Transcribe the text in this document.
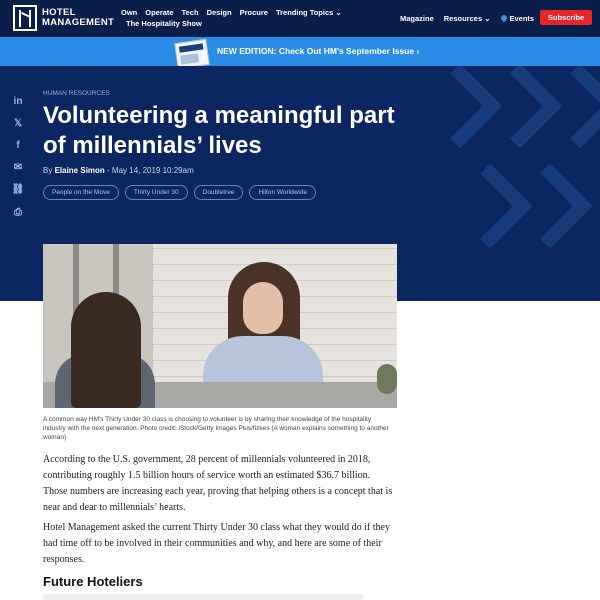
HOTEL
MANAGEMENT
Own Operate Tech Design Procure Trending Topics ⌄
The Hospitality Show
Magazine Resources ⌄	Events	Subscribe
NEW EDITION: Check Out HM's September Issue ›
in
𝕏
f
✉
⛓
⎙
HUMAN RESOURCES
Volunteering a meaningful part of millennials’ lives
By Elaine Simon - May 14, 2019 10:29am
People on the Move	Thirty Under 30	Doubletree	Hilton Worldwide
A common way HM's Thirty Under 30 class is choosing to volunteer is by sharing their knowledge of the hospitality industry with the next generation. Photo credit: iStock/Getty Images Plus/fizkes (A woman explains something to another woman)

According to the U.S. government, 28 percent of millennials volunteered in 2018, contributing roughly 1.5 billion hours of service worth an estimated $36.7 billion. Those numbers are increasing each year, proving that helping others is a concept that is near and dear to millennials’ hearts.

Hotel Management asked the current Thirty Under 30 class what they would do if they had time off to be involved in their communities and why, and here are some of their responses.

Future Hoteliers
